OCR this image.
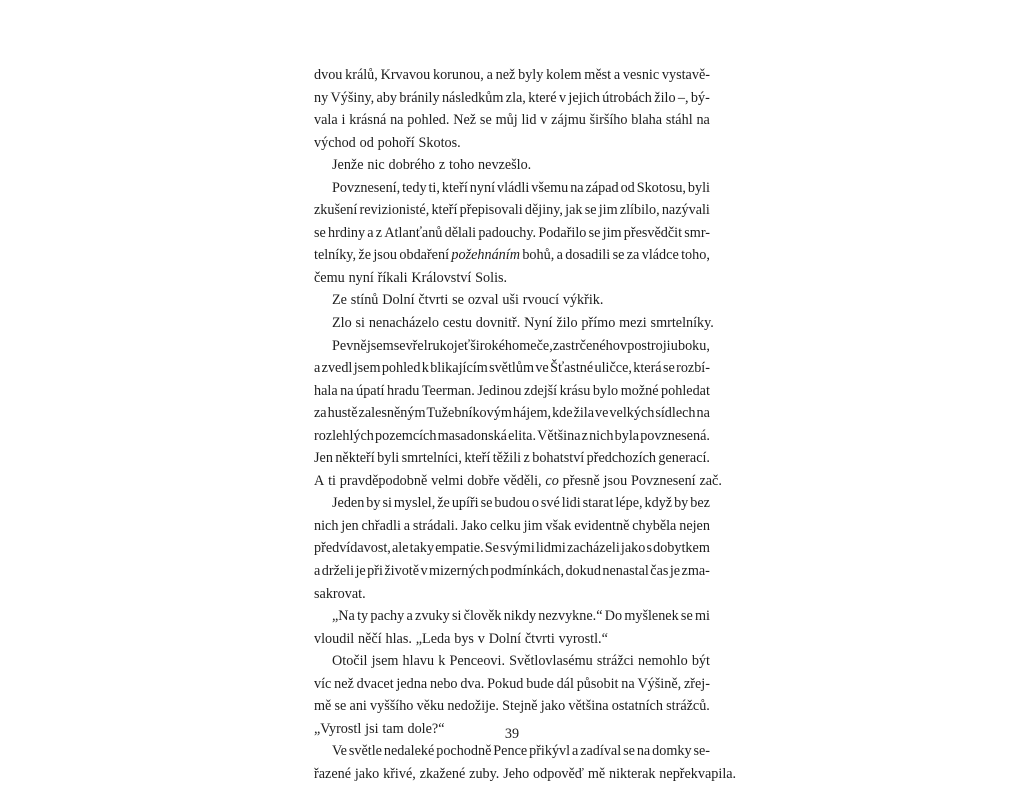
dvou králů, Krvavou korunou, a než byly kolem měst a vesnic vystavě-
ny Výšiny, aby bránily následkům zla, které v jejich útrobách žilo –, bý-
vala i krásná na pohled. Než se můj lid v zájmu širšího blaha stáhl na
východ od pohoří Skotos.
Jenže nic dobrého z toho nevzešlo.
Povznesení, tedy ti, kteří nyní vládli všemu na západ od Skotosu, byli
zkušení revizionisté, kteří přepisovali dějiny, jak se jim zlíbilo, nazývali
se hrdiny a z Atlanťanů dělali padouchy. Podařilo se jim přesvědčit smr-
telníky, že jsou obdaření požehnáním bohů, a dosadili se za vládce toho,
čemu nyní říkali Království Solis.
Ze stínů Dolní čtvrti se ozval uši rvoucí výkřik.
Zlo si nenacházelo cestu dovnitř. Nyní žilo přímo mezi smrtelníky.
Pevně jsem sevřel rukojeť širokého meče, zastrčeného v postroji u boku,
a zvedl jsem pohled k blikajícím světlům ve Šťastné uličce, která se rozbí-
hala na úpatí hradu Teerman. Jedinou zdejší krásu bylo možné pohledat
za hustě zalesněným Tužebníkovým hájem, kde žila ve velkých sídlech na
rozlehlých pozemcích masadonská elita. Většina z nich byla povznesená.
Jen někteří byli smrtelníci, kteří těžili z bohatství předchozích generací.
A ti pravděpodobně velmi dobře věděli, co přesně jsou Povznesení zač.
Jeden by si myslel, že upíři se budou o své lidi starat lépe, když by bez
nich jen chřadli a strádali. Jako celku jim však evidentně chyběla nejen
předvídavost, ale taky empatie. Se svými lidmi zacházeli jako s dobytkem
a drželi je při životě v mizerných podmínkách, dokud nenastal čas je zma-
sakrovat.
„Na ty pachy a zvuky si člověk nikdy nezvykne.“ Do myšlenek se mi
vloudil něčí hlas. „Leda bys v Dolní čtvrti vyrostl.“
Otočil jsem hlavu k Penceovi. Světlovlasému strážci nemohlo být
víc než dvacet jedna nebo dva. Pokud bude dál působit na Výšině, zřej-
mě se ani vyššího věku nedožije. Stejně jako většina ostatních strážců.
„Vyrostl jsi tam dole?“
Ve světle nedaleké pochodně Pence přikývl a zadíval se na domky se-
řazené jako křivé, zkažené zuby. Jeho odpověď mě nikterak nepřekvapila.
39
